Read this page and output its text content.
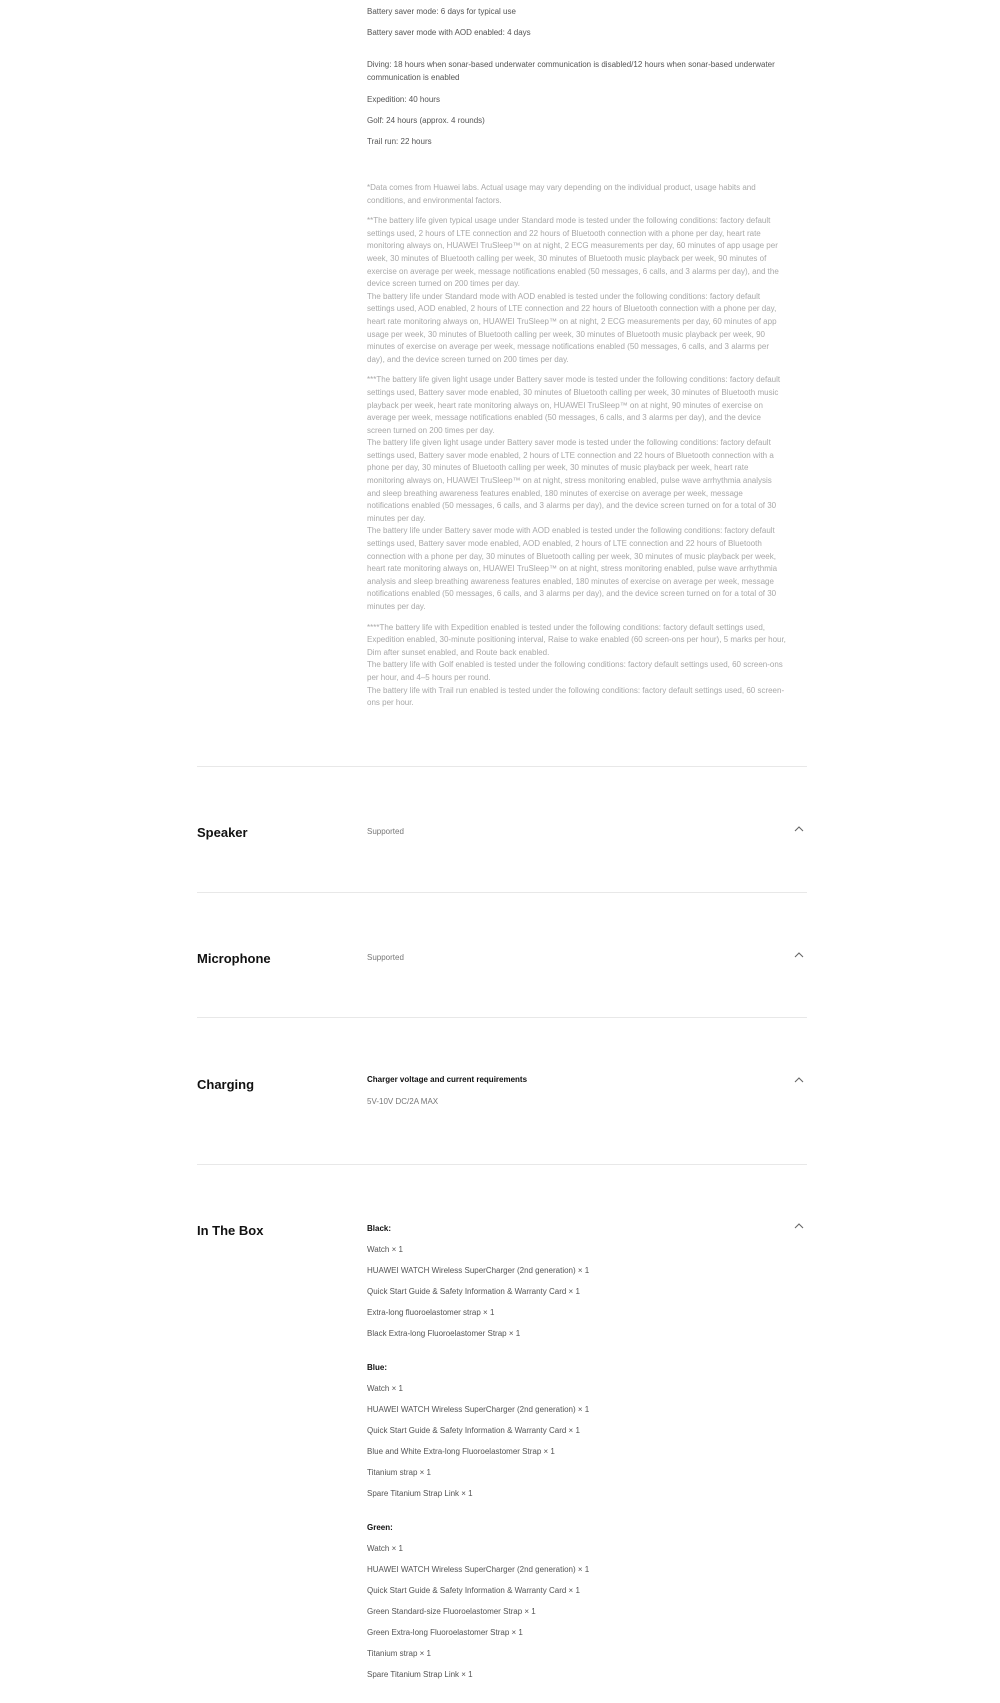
Battery saver mode: 6 days for typical use

Battery saver mode with AOD enabled: 4 days

Diving: 18 hours when sonar-based underwater communication is disabled/12 hours when sonar-based underwater communication is enabled

Expedition: 40 hours

Golf: 24 hours (approx. 4 rounds)

Trail run: 22 hours

*Data comes from Huawei labs. Actual usage may vary depending on the individual product, usage habits and conditions, and environmental factors.

**The battery life given typical usage under Standard mode is tested under the following conditions: factory default settings used, 2 hours of LTE connection and 22 hours of Bluetooth connection with a phone per day, heart rate monitoring always on, HUAWEI TruSleep™ on at night, 2 ECG measurements per day, 60 minutes of app usage per week, 30 minutes of Bluetooth calling per week, 30 minutes of Bluetooth music playback per week, 90 minutes of exercise on average per week, message notifications enabled (50 messages, 6 calls, and 3 alarms per day), and the device screen turned on 200 times per day.

The battery life under Standard mode with AOD enabled is tested under the following conditions: factory default settings used, AOD enabled, 2 hours of LTE connection and 22 hours of Bluetooth connection with a phone per day, heart rate monitoring always on, HUAWEI TruSleep™ on at night, 2 ECG measurements per day, 60 minutes of app usage per week, 30 minutes of Bluetooth calling per week, 30 minutes of Bluetooth music playback per week, 90 minutes of exercise on average per week, message notifications enabled (50 messages, 6 calls, and 3 alarms per day), and the device screen turned on 200 times per day.

***The battery life given light usage under Battery saver mode is tested under the following conditions: factory default settings used, Battery saver mode enabled, 30 minutes of Bluetooth calling per week, 30 minutes of Bluetooth music playback per week, heart rate monitoring always on, HUAWEI TruSleep™ on at night, 90 minutes of exercise on average per week, message notifications enabled (50 messages, 6 calls, and 3 alarms per day), and the device screen turned on 200 times per day.

The battery life given light usage under Battery saver mode is tested under the following conditions: factory default settings used, Battery saver mode enabled, 2 hours of LTE connection and 22 hours of Bluetooth connection with a phone per day, 30 minutes of Bluetooth calling per week, 30 minutes of music playback per week, heart rate monitoring always on, HUAWEI TruSleep™ on at night, stress monitoring enabled, pulse wave arrhythmia analysis and sleep breathing awareness features enabled, 180 minutes of exercise on average per week, message notifications enabled (50 messages, 6 calls, and 3 alarms per day), and the device screen turned on for a total of 30 minutes per day.

The battery life under Battery saver mode with AOD enabled is tested under the following conditions: factory default settings used, Battery saver mode enabled, AOD enabled, 2 hours of LTE connection and 22 hours of Bluetooth connection with a phone per day, 30 minutes of Bluetooth calling per week, 30 minutes of music playback per week, heart rate monitoring always on, HUAWEI TruSleep™ on at night, stress monitoring enabled, pulse wave arrhythmia analysis and sleep breathing awareness features enabled, 180 minutes of exercise on average per week, message notifications enabled (50 messages, 6 calls, and 3 alarms per day), and the device screen turned on for a total of 30 minutes per day.

****The battery life with Expedition enabled is tested under the following conditions: factory default settings used, Expedition enabled, 30-minute positioning interval, Raise to wake enabled (60 screen-ons per hour), 5 marks per hour, Dim after sunset enabled, and Route back enabled.

The battery life with Golf enabled is tested under the following conditions: factory default settings used, 60 screen-ons per hour, and 4–5 hours per round.

The battery life with Trail run enabled is tested under the following conditions: factory default settings used, 60 screen-ons per hour.

Speaker	Supported
Microphone	Supported
Charging	Charger voltage and current requirements
5V-10V DC/2A MAX
In The Box	Black:
Watch × 1
HUAWEI WATCH Wireless SuperCharger (2nd generation) × 1
Quick Start Guide & Safety Information & Warranty Card × 1
Extra-long fluoroelastomer strap × 1
Black Extra-long Fluoroelastomer Strap × 1
Blue:
Watch × 1
HUAWEI WATCH Wireless SuperCharger (2nd generation) × 1
Quick Start Guide & Safety Information & Warranty Card × 1
Blue and White Extra-long Fluoroelastomer Strap × 1
Titanium strap × 1
Spare Titanium Strap Link × 1
Green:
Watch × 1
HUAWEI WATCH Wireless SuperCharger (2nd generation) × 1
Quick Start Guide & Safety Information & Warranty Card × 1
Green Standard-size Fluoroelastomer Strap × 1
Green Extra-long Fluoroelastomer Strap × 1
Titanium strap × 1
Spare Titanium Strap Link × 1
